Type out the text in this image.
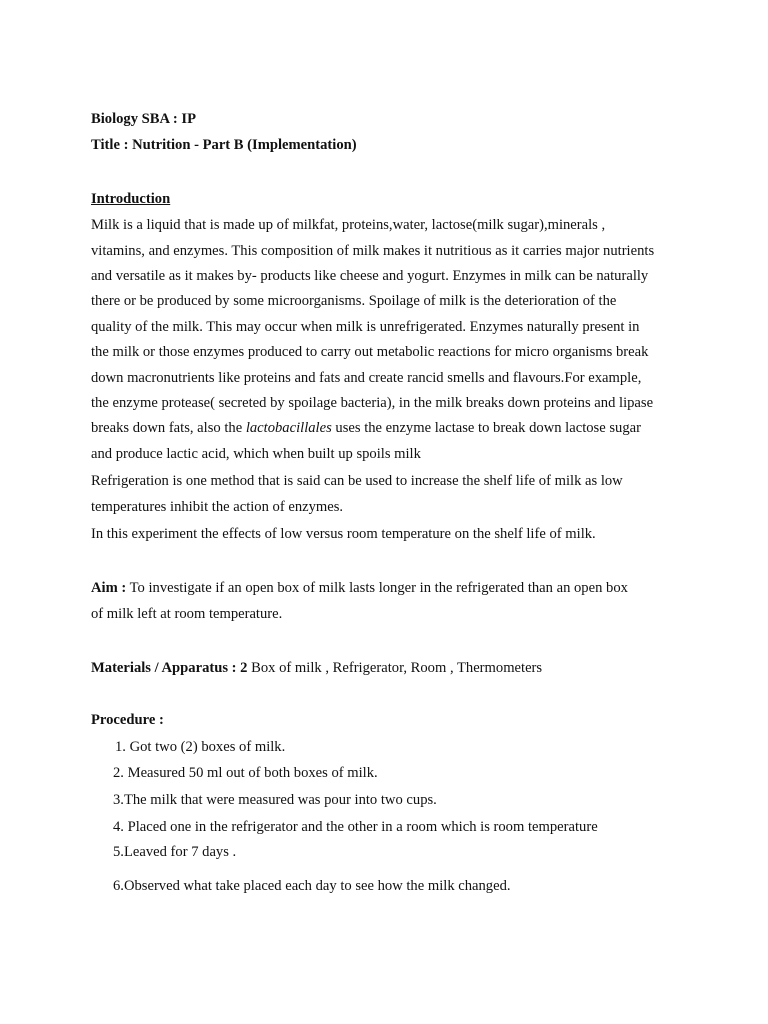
Biology SBA : IP
Title : Nutrition - Part B (Implementation)
Introduction
Milk is a liquid that is made up of milkfat, proteins,water, lactose(milk sugar),minerals ,
vitamins, and enzymes. This composition of milk makes it nutritious as it carries major nutrients
and versatile as it makes by- products like cheese and yogurt. Enzymes in milk can be naturally
there or be produced by some microorganisms. Spoilage of milk is the deterioration of the
quality of the milk. This may occur when milk is unrefrigerated. Enzymes naturally present in
the milk or those enzymes produced to carry out metabolic reactions for micro organisms break
down macronutrients like proteins and fats and create rancid smells and flavours.For example,
the enzyme protease( secreted by spoilage bacteria), in the milk breaks down proteins and lipase
breaks down fats, also the lactobacillales uses the enzyme lactase to break down lactose sugar
and produce lactic acid, which when built up spoils milk
Refrigeration is one method that is said can be used to increase the shelf life of milk as low
temperatures inhibit the action of enzymes.
In this experiment the effects of low versus room temperature on the shelf life of milk.
Aim : To investigate if an open box of milk lasts longer in the refrigerated than an open box
of milk left at room temperature.
Materials / Apparatus : 2 Box of milk , Refrigerator, Room , Thermometers
Procedure :
1. Got two (2) boxes of milk.
2. Measured 50 ml out of both boxes of milk.
3.The milk that were measured was pour into two cups.
4. Placed one in the refrigerator and the other in a room which is room temperature
5.Leaved for 7 days .
6.Observed what take placed each day to see how the milk changed.
